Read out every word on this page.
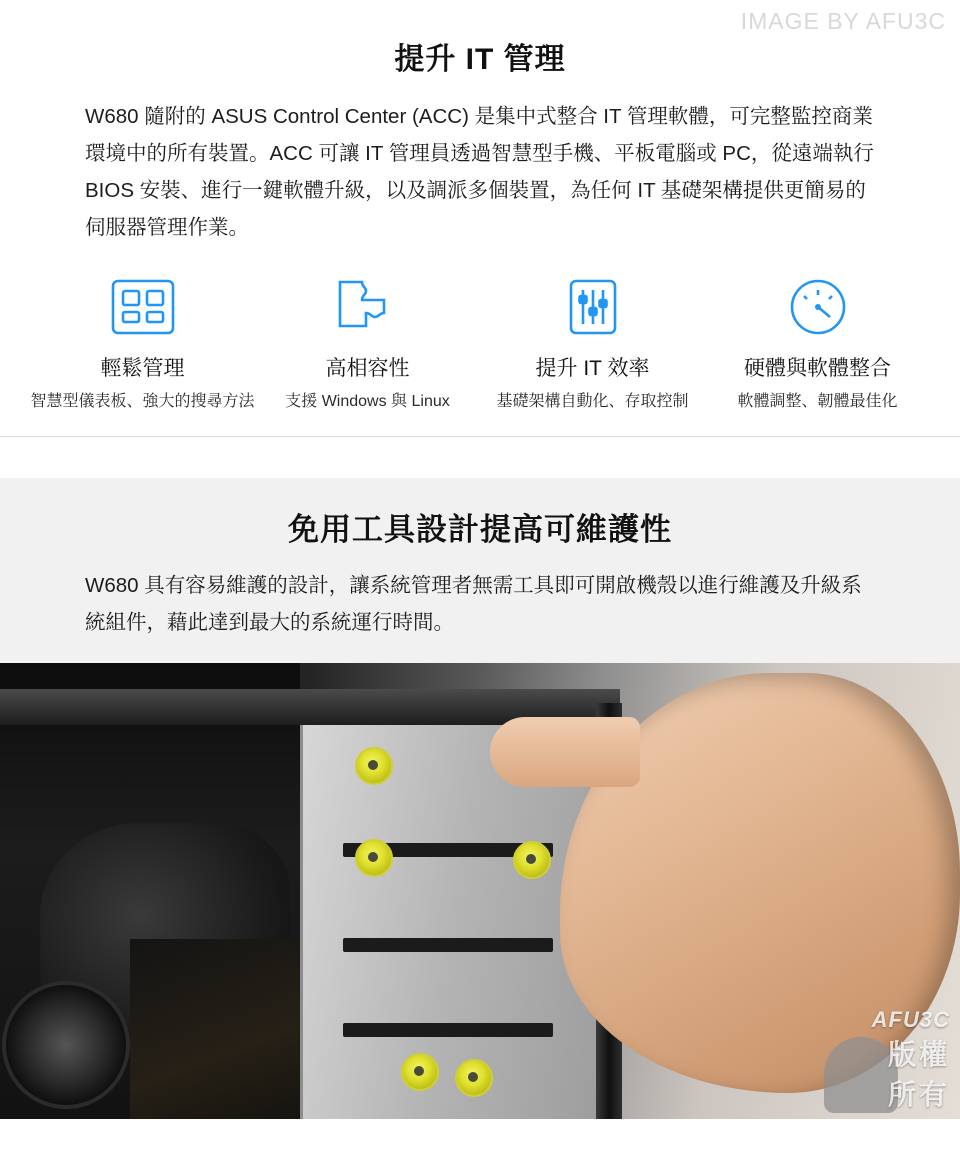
IMAGE BY AFU3C
提升 IT 管理

W680 隨附的 ASUS Control Center (ACC) 是集中式整合 IT 管理軟體，可完整監控商業環境中的所有裝置。ACC 可讓 IT 管理員透過智慧型手機、平板電腦或 PC，從遠端執行 BIOS 安裝、進行一鍵軟體升級，以及調派多個裝置，為任何 IT 基礎架構提供更簡易的伺服器管理作業。

輕鬆管理
智慧型儀表板、強大的搜尋方法
高相容性
支援 Windows 與 Linux
提升 IT 效率
基礎架構自動化、存取控制
硬體與軟體整合
軟體調整、韌體最佳化
免用工具設計提高可維護性

W680 具有容易維護的設計，讓系統管理者無需工具即可開啟機殼以進行維護及升級系統組件，藉此達到最大的系統運行時間。

AFU3C
版權
所有
